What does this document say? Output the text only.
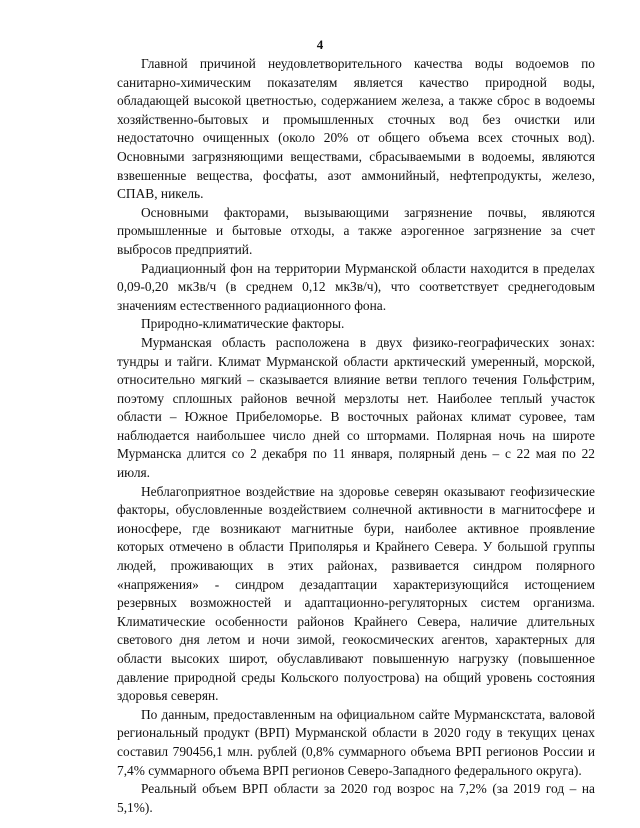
4

Главной причиной неудовлетворительного качества воды водоемов по санитарно-химическим показателям является качество природной воды, обладающей высокой цветностью, содержанием железа, а также сброс в водоемы хозяйственно-бытовых и промышленных сточных вод без очистки или недостаточно очищенных (около 20% от общего объема всех сточных вод). Основными загрязняющими веществами, сбрасываемыми в водоемы, являются взвешенные вещества, фосфаты, азот аммонийный, нефтепродукты, железо, СПАВ, никель.

Основными факторами, вызывающими загрязнение почвы, являются промышленные и бытовые отходы, а также аэрогенное загрязнение за счет выбросов предприятий.

Радиационный фон на территории Мурманской области находится в пределах 0,09-0,20 мкЗв/ч (в среднем 0,12 мкЗв/ч), что соответствует среднегодовым значениям естественного радиационного фона.

Природно-климатические факторы.

Мурманская область расположена в двух физико-географических зонах: тундры и тайги. Климат Мурманской области арктический умеренный, морской, относительно мягкий – сказывается влияние ветви теплого течения Гольфстрим, поэтому сплошных районов вечной мерзлоты нет. Наиболее теплый участок области – Южное Прибеломорье. В восточных районах климат суровее, там наблюдается наибольшее число дней со штормами. Полярная ночь на широте Мурманска длится со 2 декабря по 11 января, полярный день – с 22 мая по 22 июля.

Неблагоприятное воздействие на здоровье северян оказывают геофизические факторы, обусловленные воздействием солнечной активности в магнитосфере и ионосфере, где возникают магнитные бури, наиболее активное проявление которых отмечено в области Приполярья и Крайнего Севера. У большой группы людей, проживающих в этих районах, развивается синдром полярного «напряжения» - синдром дезадаптации характеризующийся истощением резервных возможностей и адаптационно-регуляторных систем организма. Климатические особенности районов Крайнего Севера, наличие длительных светового дня летом и ночи зимой, геокосмических агентов, характерных для области высоких широт, обуславливают повышенную нагрузку (повышенное давление природной среды Кольского полуострова) на общий уровень состояния здоровья северян.

По данным, предоставленным на официальном сайте Мурманскстата, валовой региональный продукт (ВРП) Мурманской области в 2020 году в текущих ценах составил 790456,1 млн. рублей (0,8% суммарного объема ВРП регионов России и 7,4% суммарного объема ВРП регионов Северо-Западного федерального округа).

Реальный объем ВРП области за 2020 год возрос на 7,2% (за 2019 год – на 5,1%).
